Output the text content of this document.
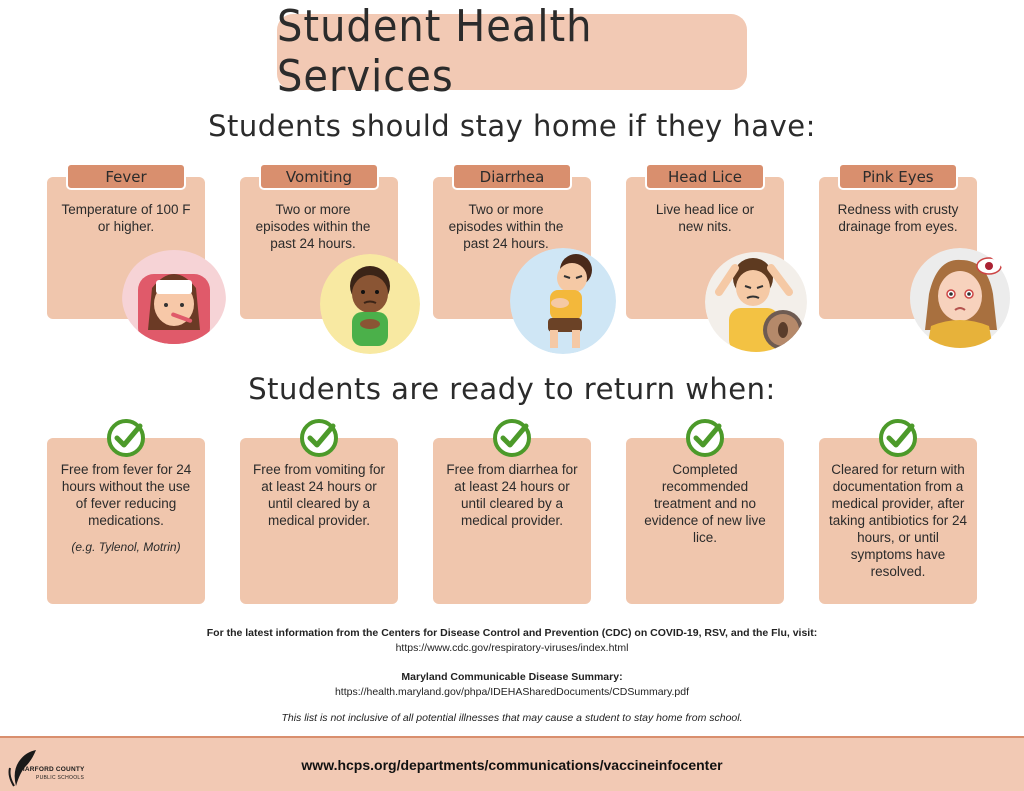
Student Health Services
Students should stay home if they have:
Temperature of 100 F or higher.
Two or more episodes within the past 24 hours.
Two or more episodes within the past 24 hours.
Live head lice or new nits.
Redness with crusty drainage from eyes.
Fever	Vomiting	Diarrhea	Head Lice	Pink Eyes
Students are ready to return when:
Free from fever for 24 hours without the use of fever reducing medications.
(e.g. Tylenol, Motrin)
Free from vomiting for at least 24 hours or until cleared by a medical provider.
Free from diarrhea for at least 24 hours or until cleared by a medical provider.
Completed recommended treatment and no evidence of new live lice.
Cleared for return with documentation from a medical provider, after taking antibiotics for 24 hours, or until symptoms have resolved.
For the latest information from the Centers for Disease Control and Prevention (CDC) on COVID-19, RSV, and the Flu, visit:
https://www.cdc.gov/respiratory-viruses/index.html
Maryland Communicable Disease Summary:
https://health.maryland.gov/phpa/IDEHASharedDocuments/CDSummary.pdf
This list is not inclusive of all potential illnesses that may cause a student to stay home from school.
HARFORD COUNTY
PUBLIC SCHOOLS
www.hcps.org/departments/communications/vaccineinfocenter
